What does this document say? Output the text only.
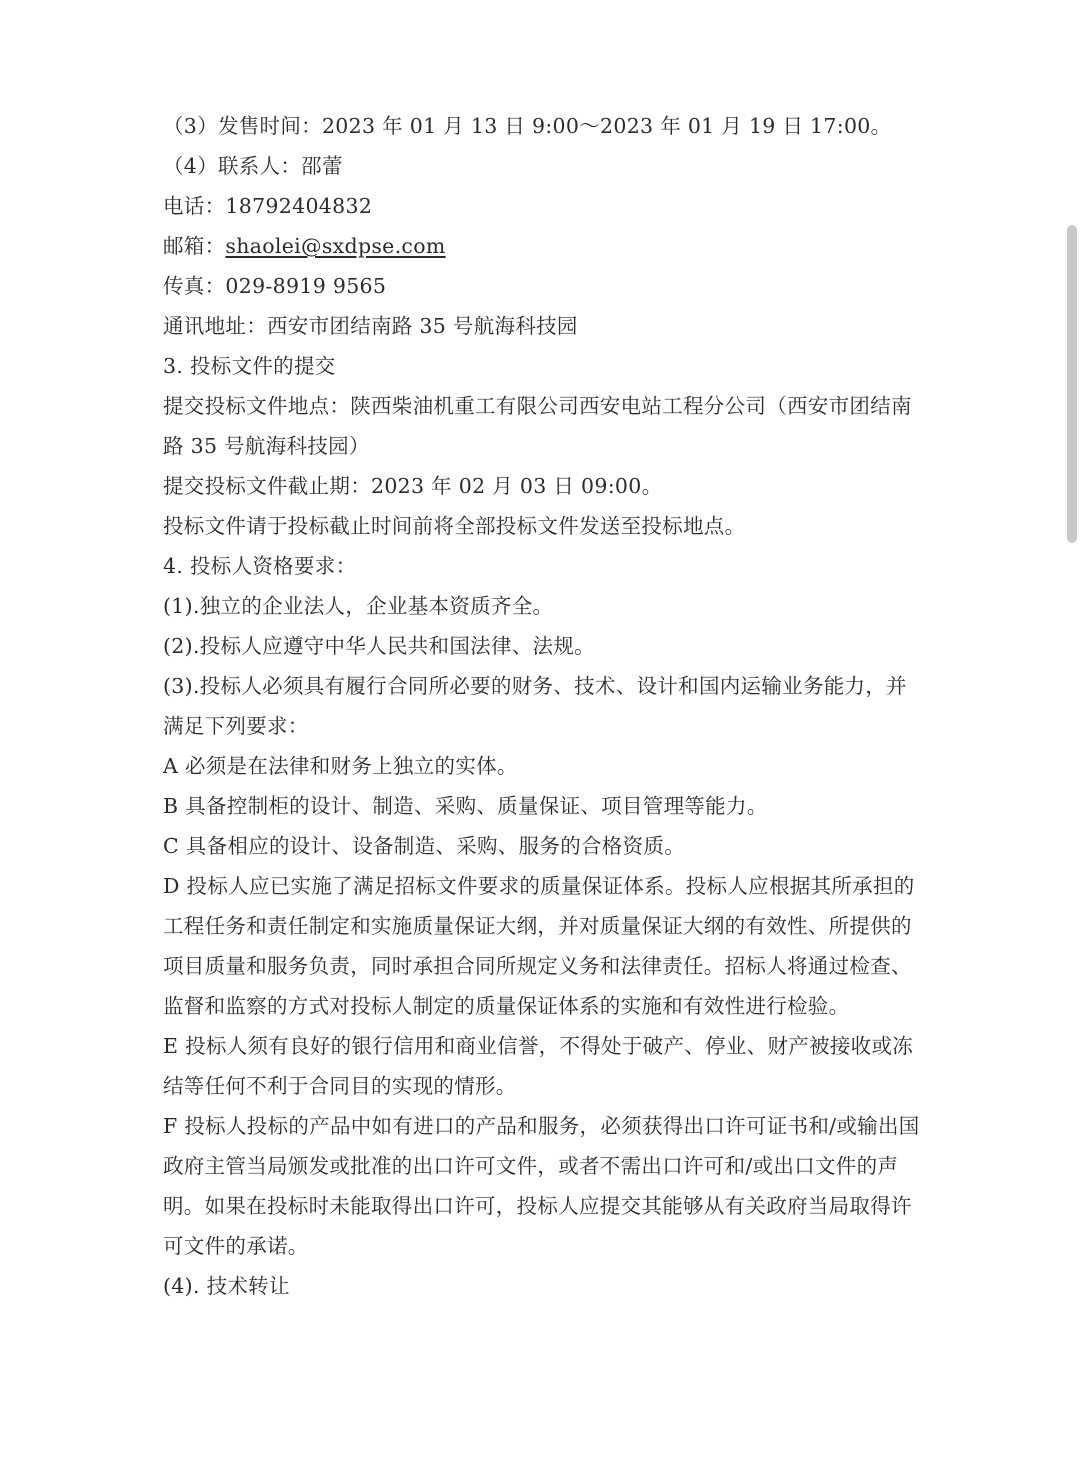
（3）发售时间：2023 年 01 月 13 日 9:00～2023 年 01 月 19 日 17:00。
（4）联系人：邵蕾
电话：18792404832
邮箱：shaolei@sxdpse.com
传真：029-8919 9565
通讯地址：西安市团结南路 35 号航海科技园
3. 投标文件的提交
提交投标文件地点：陕西柴油机重工有限公司西安电站工程分公司（西安市团结南路 35 号航海科技园）
提交投标文件截止期：2023 年 02 月 03 日 09:00。
投标文件请于投标截止时间前将全部投标文件发送至投标地点。
4. 投标人资格要求：
(1).独立的企业法人，企业基本资质齐全。
(2).投标人应遵守中华人民共和国法律、法规。
(3).投标人必须具有履行合同所必要的财务、技术、设计和国内运输业务能力，并满足下列要求：
A 必须是在法律和财务上独立的实体。
B 具备控制柜的设计、制造、采购、质量保证、项目管理等能力。
C 具备相应的设计、设备制造、采购、服务的合格资质。
D 投标人应已实施了满足招标文件要求的质量保证体系。投标人应根据其所承担的工程任务和责任制定和实施质量保证大纲，并对质量保证大纲的有效性、所提供的项目质量和服务负责，同时承担合同所规定义务和法律责任。招标人将通过检查、监督和监察的方式对投标人制定的质量保证体系的实施和有效性进行检验。
E 投标人须有良好的银行信用和商业信誉，不得处于破产、停业、财产被接收或冻结等任何不利于合同目的实现的情形。
F 投标人投标的产品中如有进口的产品和服务，必须获得出口许可证书和/或输出国政府主管当局颁发或批准的出口许可文件，或者不需出口许可和/或出口文件的声明。如果在投标时未能取得出口许可，投标人应提交其能够从有关政府当局取得许可文件的承诺。
(4). 技术转让
